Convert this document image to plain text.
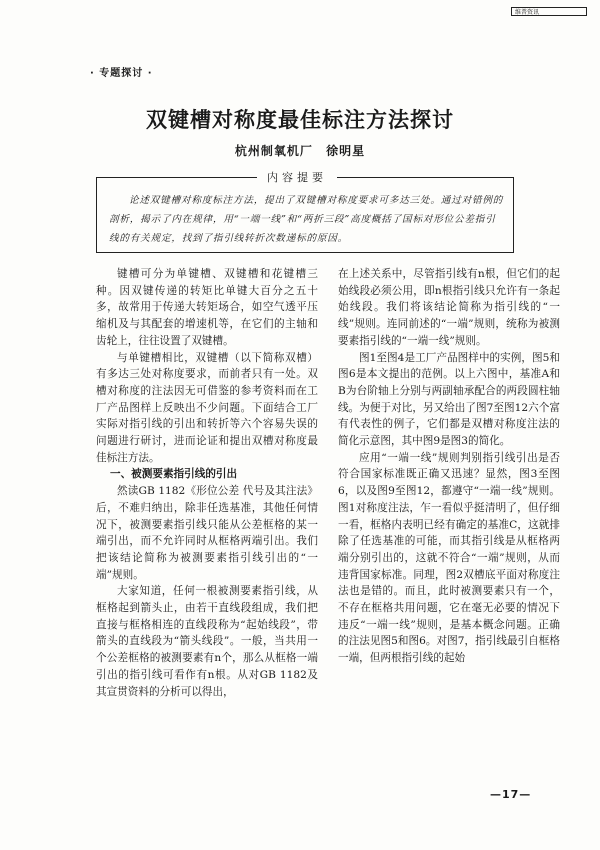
维普资讯
· 专题探讨 ·
双键槽对称度最佳标注方法探讨
杭州制氧机厂 徐明星
内容提要
论述双键槽对称度标注方法，提出了双键槽对称度要求可多达三处。通过对错例的剖析，揭示了内在规律，用“一端一线”和“两折三段”高度概括了国标对形位公差指引线的有关规定，找到了指引线转折次数递标的原因。

键槽可分为单键槽、双键槽和花键槽三种。因双键传递的转矩比单键大百分之五十多，故常用于传递大转矩场合，如空气透平压缩机及与其配套的增速机等，在它们的主轴和齿轮上，往往设置了双键槽。

与单键槽相比，双键槽（以下简称双槽）有多达三处对称度要求，而前者只有一处。双槽对称度的注法因无可借鉴的参考资料而在工厂产品图样上反映出不少问题。下面结合工厂实际对指引线的引出和转折等六个容易失误的问题进行研讨，进而论证和提出双槽对称度最佳标注方法。

一、被测要素指引线的引出

然读GB 1182《形位公差 代号及其注法》后，不难归纳出，除非任选基准，其他任何情况下，被测要素指引线只能从公差框格的某一端引出，而不允许同时从框格两端引出。我们把该结论简称为被测要素指引线引出的“一端”规则。

大家知道，任何一根被测要素指引线，从框格起到箭头止，由若干直线段组成，我们把直接与框格相连的直线段称为“起始线段”，带箭头的直线段为“箭头线段”。一般，当共用一个公差框格的被测要素有n个，那么从框格一端引出的指引线可看作有n根。从对GB 1182及其宣贯资料的分析可以得出，

在上述关系中，尽管指引线有n根，但它们的起始线段必须公用，即n根指引线只允许有一条起始线段。我们将该结论简称为指引线的“一线”规则。连同前述的“一端”规则，统称为被测要素指引线的“一端一线”规则。

图1至图4是工厂产品图样中的实例，图5和图6是本文提出的范例。以上六图中，基准A和B为台阶轴上分别与两副轴承配合的两段圆柱轴线。为便于对比，另又给出了图7至图12六个富有代表性的例子，它们都是双槽对称度注法的简化示意图，其中图9是图3的简化。

应用“一端一线”规则判别指引线引出是否符合国家标准既正确又迅速？显然，图3至图6，以及图9至图12，都遵守“一端一线”规则。图1对称度注法，乍一看似乎挺清明了，但仔细一看，框格内表明已经有确定的基准C，这就排除了任选基准的可能，而其指引线是从框格两端分别引出的，这就不符合“一端”规则，从而违背国家标准。同理，图2双槽底平面对称度注法也是错的。而且，此时被测要素只有一个，不存在框格共用问题，它在毫无必要的情况下违反“一端一线”规则，是基本概念问题。正确的注法见图5和图6。对图7，指引线最引自框格一端，但两根指引线的起始

—17—
